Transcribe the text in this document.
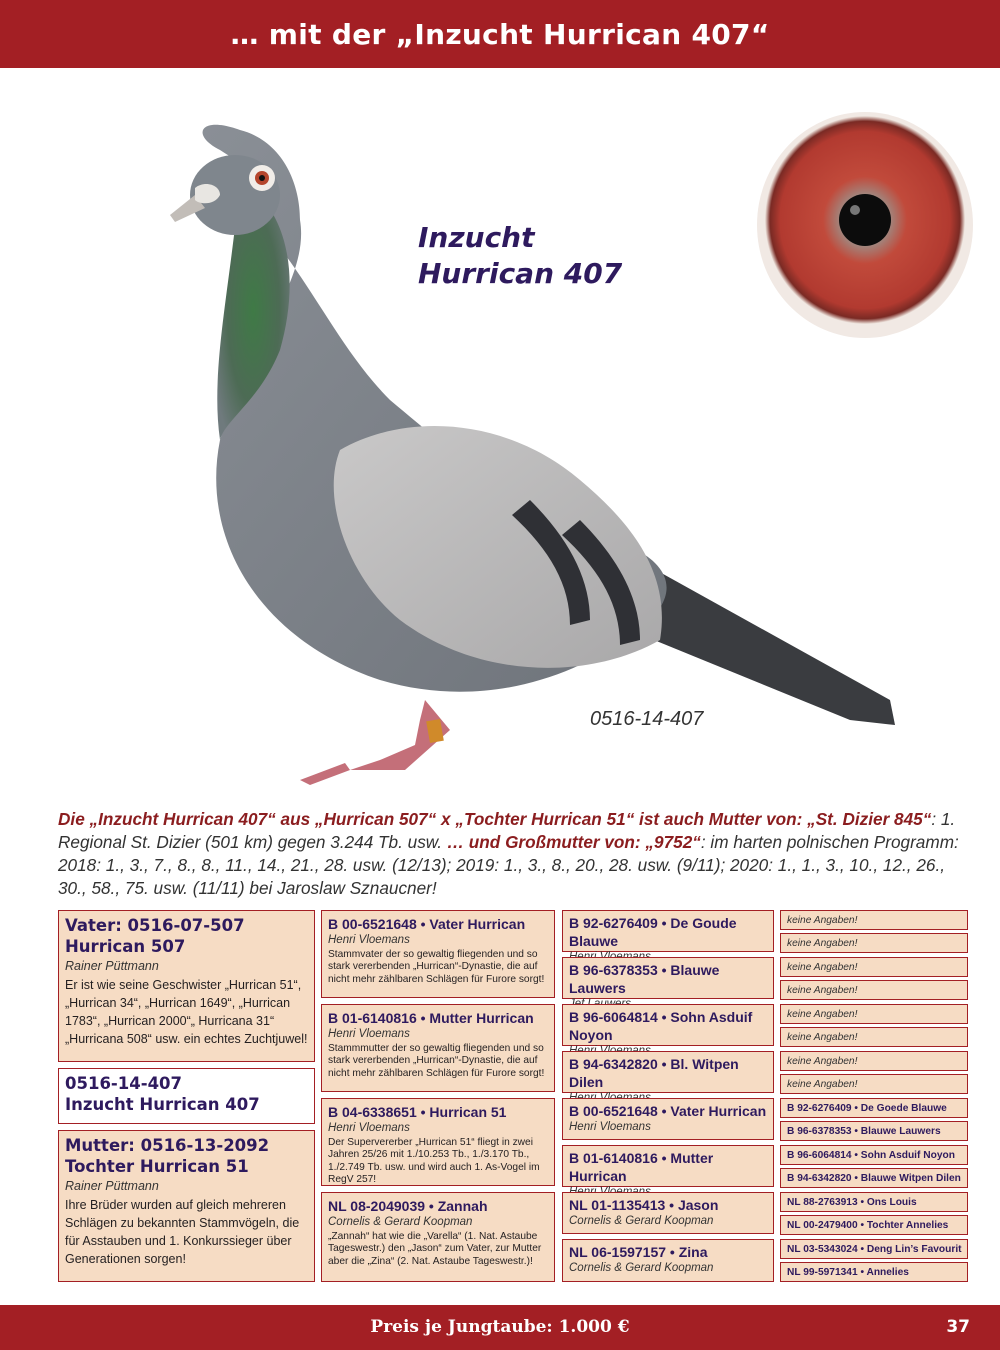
… mit der „Inzucht Hurrican 407“
Inzucht
Hurrican 407
0516-14-407
Die „Inzucht Hurrican 407“ aus „Hurrican 507“ x „Tochter Hurrican 51“ ist auch Mutter von: „St. Dizier 845“: 1. Regional St. Dizier (501 km) gegen 3.244 Tb. usw. … und Großmutter von: „9752“: im harten polnischen Programm: 2018: 1., 3., 7., 8., 8., 11., 14., 21., 28. usw. (12/13); 2019: 1., 3., 8., 20., 28. usw. (9/11); 2020: 1., 1., 3., 10., 12., 26., 30., 58., 75. usw. (11/11) bei Jaroslaw Sznaucner!
Vater: 0516-07-507
Hurrican 507
Rainer Püttmann
Er ist wie seine Geschwister „Hurrican 51“, „Hurrican 34“, „Hurrican 1649“, „Hurrican 1783“, „Hurrican 2000“„ Hurricana 31“ „Hurricana 508“ usw. ein echtes Zuchtjuwel!
0516-14-407
Inzucht Hurrican 407
Mutter: 0516-13-2092
Tochter Hurrican 51
Rainer Püttmann
Ihre Brüder wurden auf gleich mehreren Schlägen zu bekannten Stammvögeln, die für Asstauben und 1. Konkurssieger über Generationen sorgen!
B 00-6521648 • Vater Hurrican
Henri Vloemans
Stammvater der so gewaltig fliegenden und so stark vererbenden „Hurrican“-Dynastie, die auf nicht mehr zählbaren Schlägen für Furore sorgt!
B 01-6140816 • Mutter Hurrican
Henri Vloemans
Stammmutter der so gewaltig fliegenden und so stark vererbenden „Hurrican“-Dynastie, die auf nicht mehr zählbaren Schlägen für Furore sorgt!
B 04-6338651 • Hurrican 51
Henri Vloemans
Der Supervererber „Hurrican 51“ fliegt in zwei Jahren 25/26 mit 1./10.253 Tb., 1./3.170 Tb., 1./2.749 Tb. usw. und wird auch 1. As-Vogel im RegV 257!
NL 08-2049039 • Zannah
Cornelis & Gerard Koopman
„Zannah“ hat wie die „Varella“ (1. Nat. Astaube Tageswestr.) den „Jason“ zum Vater, zur Mutter aber die „Zina“ (2. Nat. Astaube Tageswestr.)!
B 92-6276409 • De Goude Blauwe
B 96-6378353 • Blauwe Lauwers
B 96-6064814 • Sohn Asduif Noyon
B 94-6342820 • Bl. Witpen Dilen
B 00-6521648 • Vater Hurrican
Henri Vloemans
B 01-6140816 • Mutter Hurrican
NL 01-1135413 • Jason
Cornelis & Gerard Koopman
NL 06-1597157 • Zina
Cornelis & Gerard Koopman
keine Angaben!
keine Angaben!
keine Angaben!
keine Angaben!
keine Angaben!
keine Angaben!
keine Angaben!
keine Angaben!
B 92-6276409 • De Goede Blauwe
B 96-6378353 • Blauwe Lauwers
B 96-6064814 • Sohn Asduif Noyon
B 94-6342820 • Blauwe Witpen Dilen
NL 88-2763913 • Ons Louis
NL 00-2479400 • Tochter Annelies
NL 03-5343024 • Deng Lin’s Favourit
NL 99-5971341 • Annelies
Preis je Jungtaube: 1.000 €	37
